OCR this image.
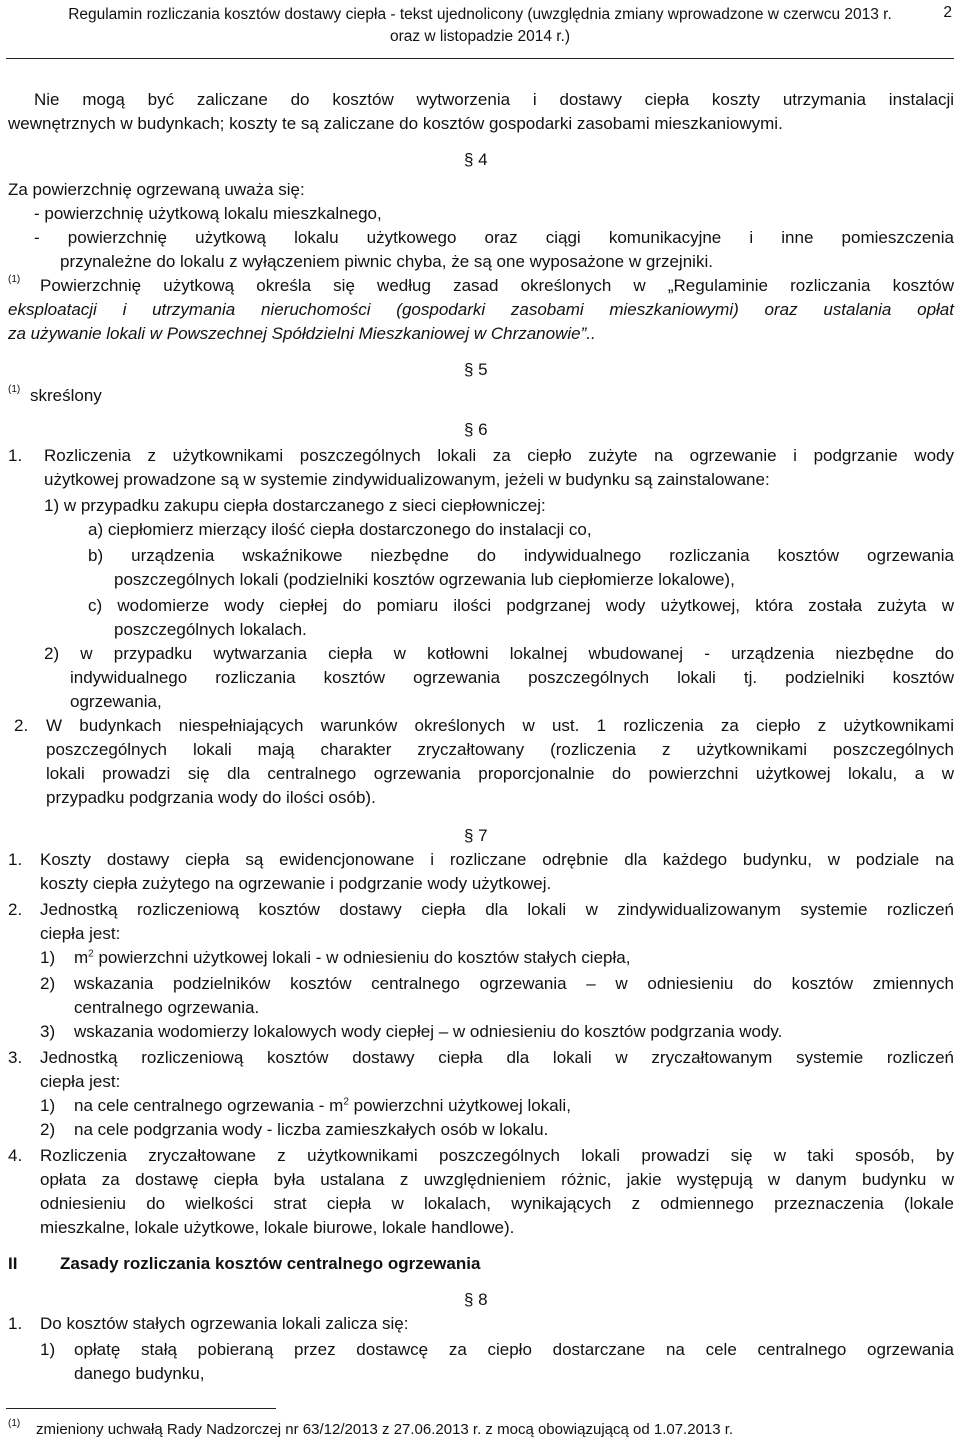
Regulamin rozliczania kosztów dostawy ciepła - tekst ujednolicony (uwzględnia zmiany wprowadzone w czerwcu 2013 r.
oraz w listopadzie 2014 r.)
2
Nie mogą być zaliczane do kosztów wytworzenia i dostawy ciepła koszty utrzymania instalacji
wewnętrznych w budynkach; koszty te są zaliczane do kosztów gospodarki zasobami mieszkaniowymi.
§ 4
Za powierzchnię ogrzewaną uważa się:
- powierzchnię użytkową lokalu mieszkalnego,
- powierzchnię użytkową lokalu użytkowego oraz ciągi komunikacyjne i inne pomieszczenia
przynależne do lokalu z wyłączeniem piwnic chyba, że są one wyposażone w grzejniki.
(1) Powierzchnię użytkową określa się według zasad określonych w „Regulaminie rozliczania kosztów
eksploatacji i utrzymania nieruchomości (gospodarki zasobami mieszkaniowymi) oraz ustalania opłat
za używanie lokali w Powszechnej Spółdzielni Mieszkaniowej w Chrzanowie”..
§ 5
(1) skreślony
§ 6
1. Rozliczenia z użytkownikami poszczególnych lokali za ciepło zużyte na ogrzewanie i podgrzanie wody
użytkowej prowadzone są w systemie zindywidualizowanym, jeżeli w budynku są zainstalowane:
1) w przypadku zakupu ciepła dostarczanego z sieci ciepłowniczej:
a) ciepłomierz mierzący ilość ciepła dostarczonego do instalacji co,
b) urządzenia wskaźnikowe niezbędne do indywidualnego rozliczania kosztów ogrzewania
poszczególnych lokali (podzielniki kosztów ogrzewania lub ciepłomierze lokalowe),
c) wodomierze wody ciepłej do pomiaru ilości podgrzanej wody użytkowej, która została zużyta w
poszczególnych lokalach.
2) w przypadku wytwarzania ciepła w kotłowni lokalnej wbudowanej - urządzenia niezbędne do
indywidualnego rozliczania kosztów ogrzewania poszczególnych lokali tj. podzielniki kosztów
ogrzewania,
2. W budynkach niespełniających warunków określonych w ust. 1 rozliczenia za ciepło z użytkownikami
poszczególnych lokali mają charakter zryczałtowany (rozliczenia z użytkownikami poszczególnych
lokali prowadzi się dla centralnego ogrzewania proporcjonalnie do powierzchni użytkowej lokalu, a w
przypadku podgrzania wody do ilości osób).
§ 7
1. Koszty dostawy ciepła są ewidencjonowane i rozliczane odrębnie dla każdego budynku, w podziale na
koszty ciepła zużytego na ogrzewanie i podgrzanie wody użytkowej.
2. Jednostką rozliczeniową kosztów dostawy ciepła dla lokali w zindywidualizowanym systemie rozliczeń
ciepła jest:
1) $m^2$ powierzchni użytkowej lokali - w odniesieniu do kosztów stałych ciepła,
2) wskazania podzielników kosztów centralnego ogrzewania – w odniesieniu do kosztów zmiennych
centralnego ogrzewania.
3) wskazania wodomierzy lokalowych wody ciepłej – w odniesieniu do kosztów podgrzania wody.
3. Jednostką rozliczeniową kosztów dostawy ciepła dla lokali w zryczałtowanym systemie rozliczeń
ciepła jest:
1) na cele centralnego ogrzewania - $m^2$ powierzchni użytkowej lokali,
2) na cele podgrzania wody - liczba zamieszkałych osób w lokalu.
4. Rozliczenia zryczałtowane z użytkownikami poszczególnych lokali prowadzi się w taki sposób, by
opłata za dostawę ciepła była ustalana z uwzględnieniem różnic, jakie występują w danym budynku w
odniesieniu do wielkości strat ciepła w lokalach, wynikających z odmiennego przeznaczenia (lokale
mieszkalne, lokale użytkowe, lokale biurowe, lokale handlowe).
II	Zasady rozliczania kosztów centralnego ogrzewania
§ 8
1. Do kosztów stałych ogrzewania lokali zalicza się:
1) opłatę stałą pobieraną przez dostawcę za ciepło dostarczane na cele centralnego ogrzewania
danego budynku,
(1) zmieniony uchwałą Rady Nadzorczej nr 63/12/2013 z 27.06.2013 r. z mocą obowiązującą od 1.07.2013 r.
